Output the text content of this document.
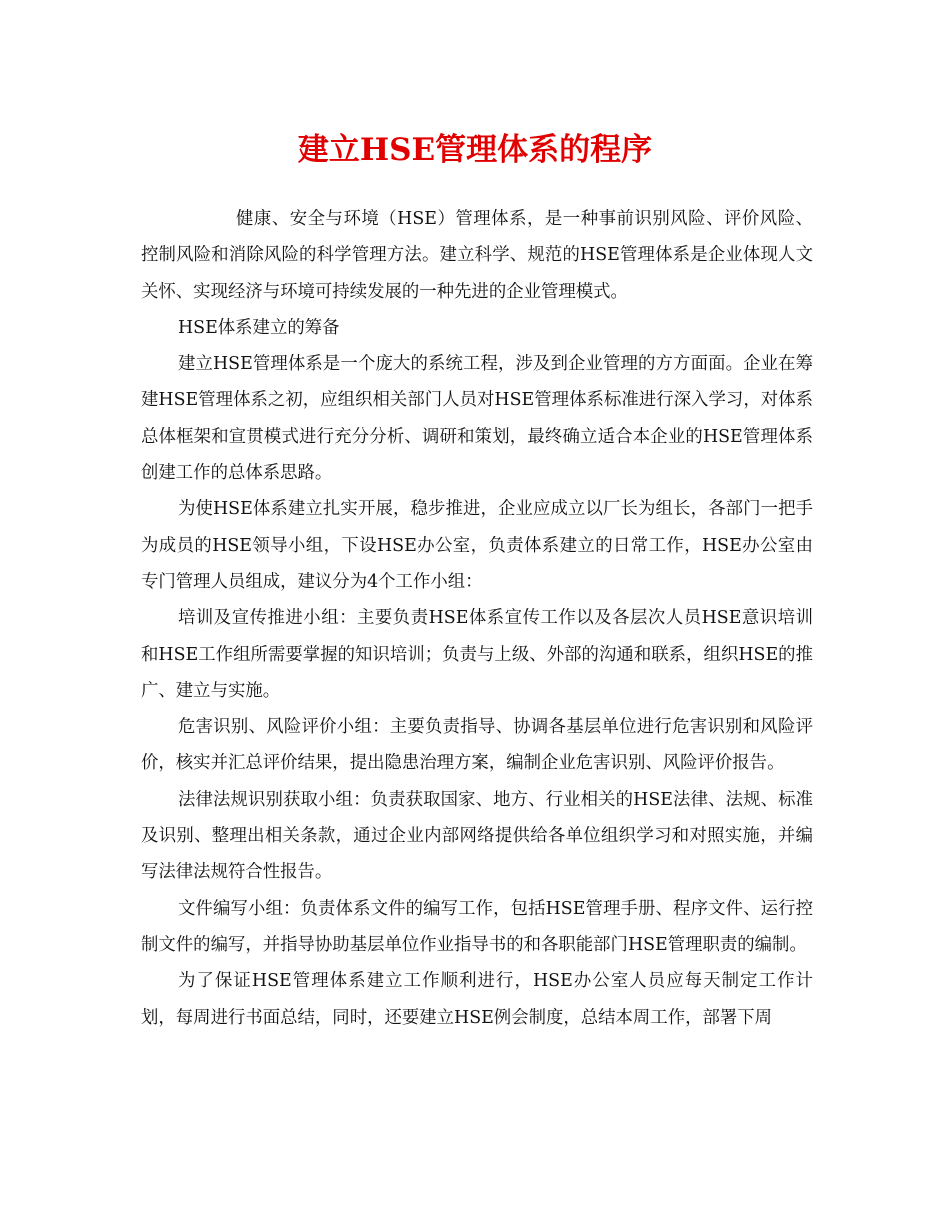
建立HSE管理体系的程序

健康、安全与环境（HSE）管理体系，是一种事前识别风险、评价风险、控制风险和消除风险的科学管理方法。建立科学、规范的HSE管理体系是企业体现人文关怀、实现经济与环境可持续发展的一种先进的企业管理模式。

HSE体系建立的筹备

建立HSE管理体系是一个庞大的系统工程，涉及到企业管理的方方面面。企业在筹建HSE管理体系之初，应组织相关部门人员对HSE管理体系标准进行深入学习，对体系总体框架和宣贯模式进行充分分析、调研和策划，最终确立适合本企业的HSE管理体系创建工作的总体系思路。

为使HSE体系建立扎实开展，稳步推进，企业应成立以厂长为组长，各部门一把手为成员的HSE领导小组，下设HSE办公室，负责体系建立的日常工作，HSE办公室由专门管理人员组成，建议分为4个工作小组：

培训及宣传推进小组：主要负责HSE体系宣传工作以及各层次人员HSE意识培训和HSE工作组所需要掌握的知识培训；负责与上级、外部的沟通和联系，组织HSE的推广、建立与实施。

危害识别、风险评价小组：主要负责指导、协调各基层单位进行危害识别和风险评价，核实并汇总评价结果，提出隐患治理方案，编制企业危害识别、风险评价报告。

法律法规识别获取小组：负责获取国家、地方、行业相关的HSE法律、法规、标准及识别、整理出相关条款，通过企业内部网络提供给各单位组织学习和对照实施，并编写法律法规符合性报告。

文件编写小组：负责体系文件的编写工作，包括HSE管理手册、程序文件、运行控制文件的编写，并指导协助基层单位作业指导书的和各职能部门HSE管理职责的编制。

为了保证HSE管理体系建立工作顺利进行，HSE办公室人员应每天制定工作计划，每周进行书面总结，同时，还要建立HSE例会制度，总结本周工作，部署下周
